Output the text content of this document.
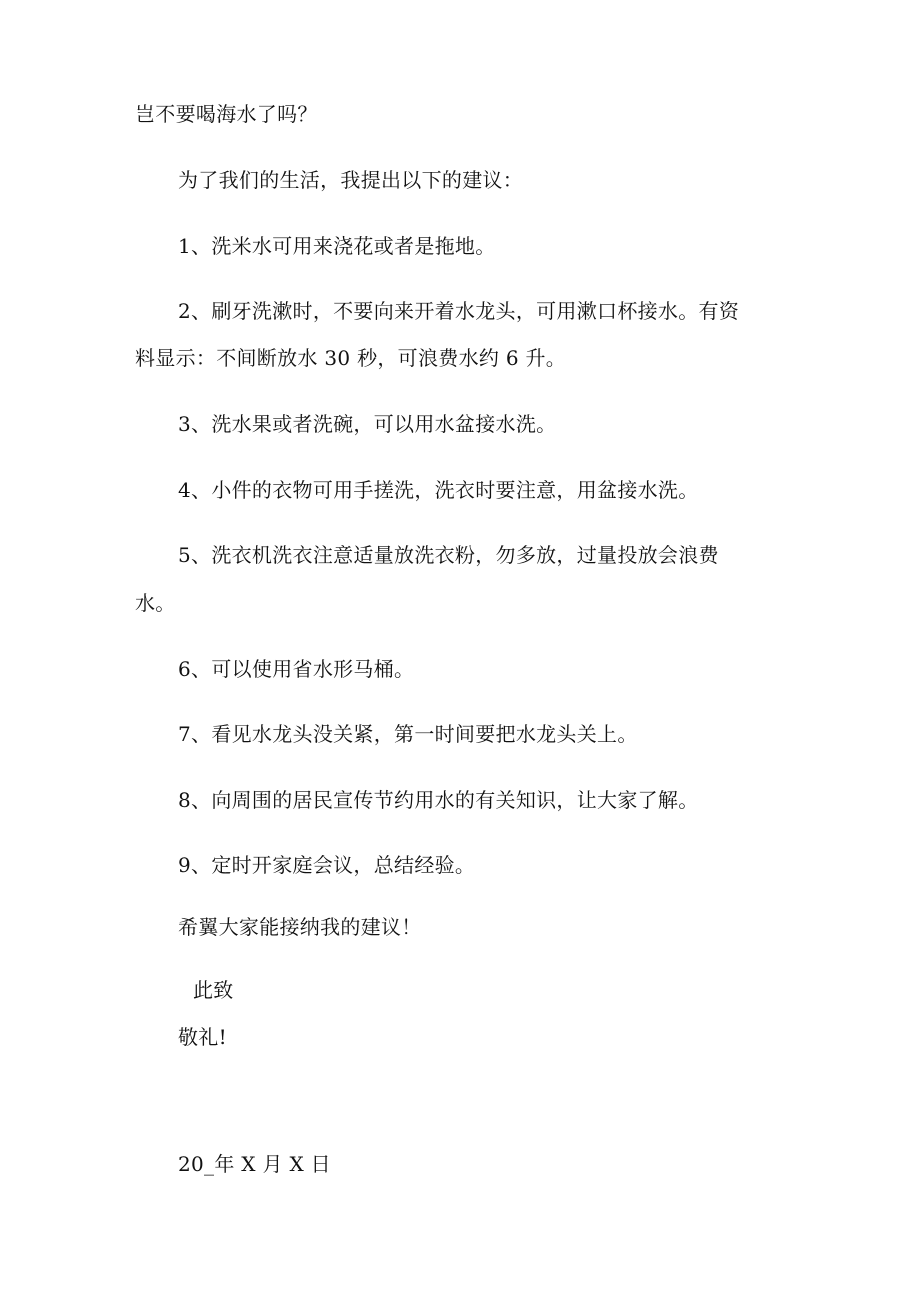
岂不要喝海水了吗？
为了我们的生活，我提出以下的建议：
1、洗米水可用来浇花或者是拖地。
2、刷牙洗漱时，不要向来开着水龙头，可用漱口杯接水。有资
料显示：不间断放水 30 秒，可浪费水约 6 升。
3、洗水果或者洗碗，可以用水盆接水洗。
4、小件的衣物可用手搓洗，洗衣时要注意，用盆接水洗。
5、洗衣机洗衣注意适量放洗衣粉，勿多放，过量投放会浪费
水。
6、可以使用省水形马桶。
7、看见水龙头没关紧，第一时间要把水龙头关上。
8、向周围的居民宣传节约用水的有关知识，让大家了解。
9、定时开家庭会议，总结经验。
希翼大家能接纳我的建议！
此致
敬礼!
20_年 X 月 X 日
